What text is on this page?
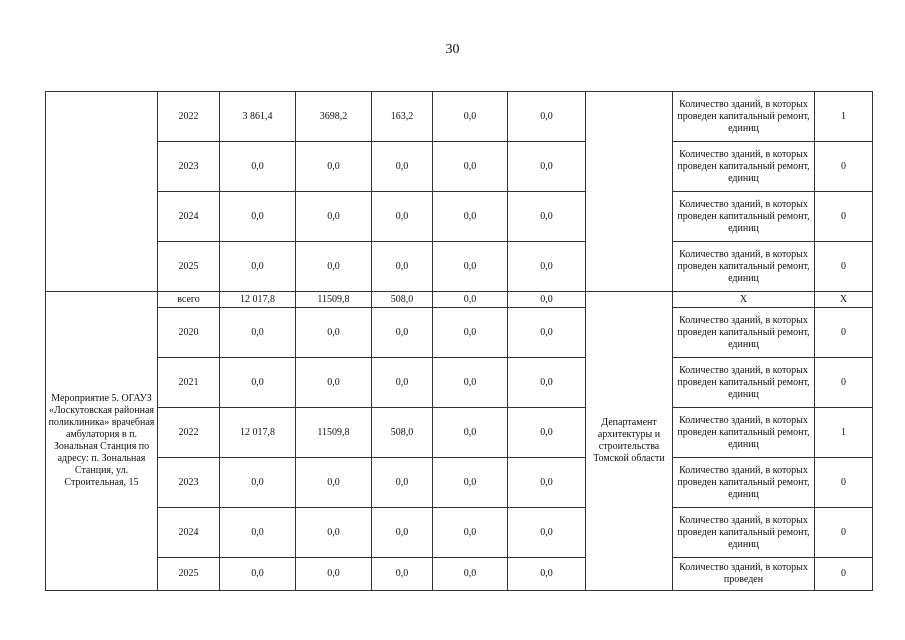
30
	2022	3 861,4	3698,2	163,2	0,0	0,0		Количество зданий, в которых проведен капитальный ремонт, единиц	1
	2023	0,0	0,0	0,0	0,0	0,0		Количество зданий, в которых проведен капитальный ремонт, единиц	0
	2024	0,0	0,0	0,0	0,0	0,0		Количество зданий, в которых проведен капитальный ремонт, единиц	0
	2025	0,0	0,0	0,0	0,0	0,0		Количество зданий, в которых проведен капитальный ремонт, единиц	0
Мероприятие 5. ОГАУЗ «Лоскутовская районная поликлиника» врачебная амбулатория в п. Зональная Станция по адресу: п. Зональная Станция, ул. Строительная, 15	всего	12 017,8	11509,8	508,0	0,0	0,0	Департамент архитектуры и строительства Томской области	X	X
	2020	0,0	0,0	0,0	0,0	0,0		Количество зданий, в которых проведен капитальный ремонт, единиц	0
	2021	0,0	0,0	0,0	0,0	0,0		Количество зданий, в которых проведен капитальный ремонт, единиц	0
	2022	12 017,8	11509,8	508,0	0,0	0,0		Количество зданий, в которых проведен капитальный ремонт, единиц	1
	2023	0,0	0,0	0,0	0,0	0,0		Количество зданий, в которых проведен капитальный ремонт, единиц	0
	2024	0,0	0,0	0,0	0,0	0,0		Количество зданий, в которых проведен капитальный ремонт, единиц	0
	2025	0,0	0,0	0,0	0,0	0,0		Количество зданий, в которых проведен	0
